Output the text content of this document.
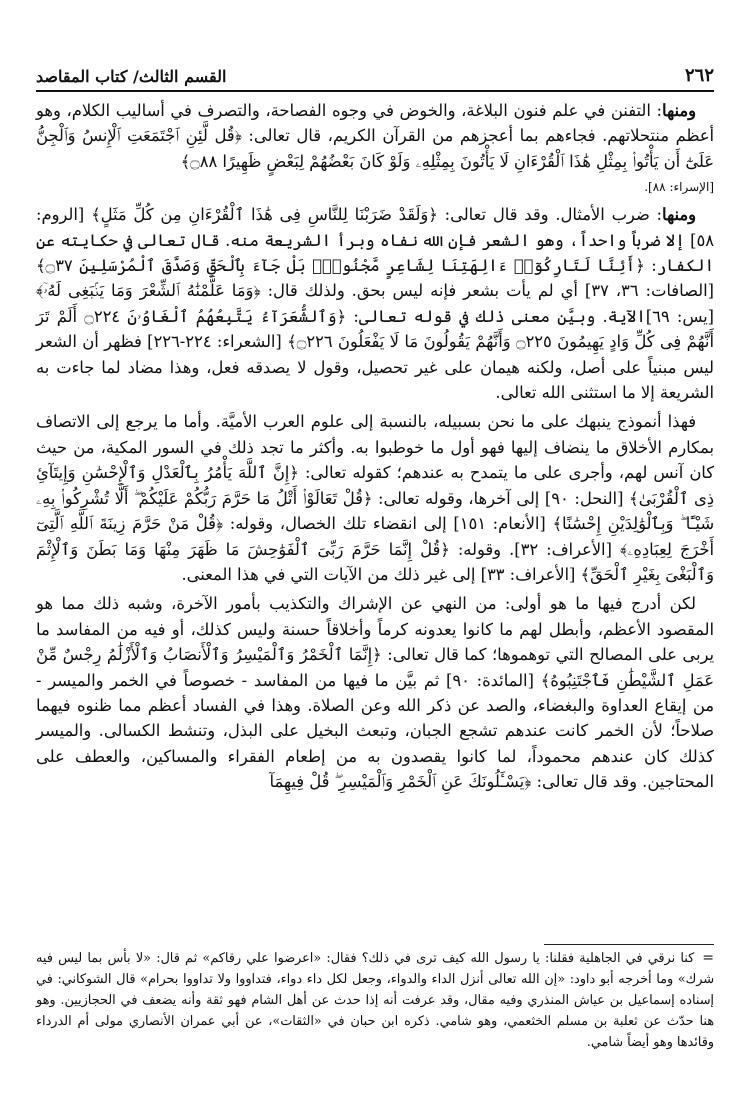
٢٦٢
القسم الثالث/ كتاب المقاصد

ومنها: التفنن في علم فنون البلاغة، والخوض في وجوه الفصاحة، والتصرف في أساليب الكلام، وهو أعظم منتحلاتهم. فجاءهم بما أعجزهم من القرآن الكريم، قال تعالى: ﴿قُل لَّئِنِ ٱجْتَمَعَتِ ٱلْإِنسُ وَٱلْجِنُّ عَلَىٰٓ أَن يَأْتُوا۟ بِمِثْلِ هَٰذَا ٱلْقُرْءَانِ لَا يَأْتُونَ بِمِثْلِهِۦ وَلَوْ كَانَ بَعْضُهُمْ لِبَعْضٍ ظَهِيرًا ۝٨٨﴾

[الإسراء: ٨٨].

ومنها: ضرب الأمثال. وقد قال تعالى: ﴿وَلَقَدْ ضَرَبْنَا لِلنَّاسِ فِى هَٰذَا ٱلْقُرْءَانِ مِن كُلِّ مَثَلٍ﴾ [الروم: ٥٨] إلا ضرباً واحداً، وهو الشعر فإن الله نفاه وبرأ الشريعة منه. قال تعالى في حكايته عن الكفار: ﴿أَئِنَّا لَتَارِكُوٓا۟ ءَالِهَتِنَا لِشَاعِرٍ مَّجْنُونٍۭ بَلْ جَآءَ بِٱلْحَقِّ وَصَدَّقَ ٱلْمُرْسَلِينَ ۝٣٧﴾ [الصافات: ٣٦، ٣٧] أي لم يأت بشعر فإنه ليس بحق. ولذلك قال: ﴿وَمَا عَلَّمْنَٰهُ ٱلشِّعْرَ وَمَا يَنۢبَغِى لَهُۥٓ﴾ [يس: ٦٩]الآية. وبيَّن معنى ذلك في قوله تعالى: ﴿وَٱلشُّعَرَآءُ يَتَّبِعُهُمُ ٱلْغَاوُۥنَ ۝٢٢٤ أَلَمْ تَرَ أَنَّهُمْ فِى كُلِّ وَادٍ يَهِيمُونَ ۝٢٢٥ وَأَنَّهُمْ يَقُولُونَ مَا لَا يَفْعَلُونَ ۝٢٢٦﴾ [الشعراء: ٢٢٤-٢٢٦] فظهر أن الشعر ليس مبنياً على أصل، ولكنه هيمان على غير تحصيل، وقول لا يصدقه فعل، وهذا مضاد لما جاءت به الشريعة إلا ما استثنى الله تعالى.

فهذا أنموذج ينبهك على ما نحن بسبيله، بالنسبة إلى علوم العرب الأميَّة. وأما ما يرجع إلى الاتصاف بمكارم الأخلاق ما ينضاف إليها فهو أول ما خوطبوا به. وأكثر ما تجد ذلك في السور المكية، من حيث كان آنس لهم، وأجرى على ما يتمدح به عندهم؛ كقوله تعالى: ﴿إِنَّ ٱللَّهَ يَأْمُرُ بِٱلْعَدْلِ وَٱلْإِحْسَٰنِ وَإِيتَآئِ ذِى ٱلْقُرْبَىٰ﴾ [النحل: ٩٠] إلى آخرها، وقوله تعالى: ﴿قُلْ تَعَالَوْا۟ أَتْلُ مَا حَرَّمَ رَبُّكُمْ عَلَيْكُمْ ۖ أَلَّا تُشْرِكُوا۟ بِهِۦ شَيْـًٔا ۖ وَبِٱلْوَٰلِدَيْنِ إِحْسَٰنًا﴾ [الأنعام: ١٥١] إلى انقضاء تلك الخصال، وقوله: ﴿قُلْ مَنْ حَرَّمَ زِينَةَ ٱللَّهِ ٱلَّتِىٓ أَخْرَجَ لِعِبَادِهِۦ﴾ [الأعراف: ٣٢]. وقوله: ﴿قُلْ إِنَّمَا حَرَّمَ رَبِّىَ ٱلْفَوَٰحِشَ مَا ظَهَرَ مِنْهَا وَمَا بَطَنَ وَٱلْإِثْمَ وَٱلْبَغْىَ بِغَيْرِ ٱلْحَقِّ﴾ [الأعراف: ٣٣] إلى غير ذلك من الآيات التي في هذا المعنى.

لكن أدرج فيها ما هو أولى: من النهي عن الإشراك والتكذيب بأمور الآخرة، وشبه ذلك مما هو المقصود الأعظم، وأبطل لهم ما كانوا يعدونه كرماً وأخلاقاً حسنة وليس كذلك، أو فيه من المفاسد ما يربى على المصالح التي توهموها؛ كما قال تعالى: ﴿إِنَّمَا ٱلْخَمْرُ وَٱلْمَيْسِرُ وَٱلْأَنصَابُ وَٱلْأَزْلَٰمُ رِجْسٌ مِّنْ عَمَلِ ٱلشَّيْطَٰنِ فَٱجْتَنِبُوهُ﴾ [المائدة: ٩٠] ثم بيَّن ما فيها من المفاسد - خصوصاً في الخمر والميسر - من إيقاع العداوة والبغضاء، والصد عن ذكر الله وعن الصلاة. وهذا في الفساد أعظم مما ظنوه فيهما صلاحاً؛ لأن الخمر كانت عندهم تشجع الجبان، وتبعث البخيل على البذل، وتنشط الكسالى. والميسر كذلك كان عندهم محموداً، لما كانوا يقصدون به من إطعام الفقراء والمساكين، والعطف على المحتاجين. وقد قال تعالى: ﴿يَسْـَٔلُونَكَ عَنِ ٱلْخَمْرِ وَٱلْمَيْسِرِ ۖ قُلْ فِيهِمَآ

=كنا نرقي في الجاهلية فقلنا: يا رسول الله كيف ترى في ذلك؟ فقال: «اعرضوا علي رقاكم» ثم قال: «لا بأس بما ليس فيه شرك» وما أخرجه أبو داود: «إن الله تعالى أنزل الداء والدواء، وجعل لكل داء دواء، فتداووا ولا تداووا بحرام» قال الشوكاني: في إسناده إسماعيل بن عياش المنذري وفيه مقال، وقد عرفت أنه إذا حدث عن أهل الشام فهو ثقة وأنه يضعف في الحجازيين. وهو هنا حدّث عن ثعلبة بن مسلم الخثعمي، وهو شامي. ذكره ابن حبان في «الثقات»، عن أبي عمران الأنصاري مولى أم الدرداء وقائدها وهو أيضاً شامي.
